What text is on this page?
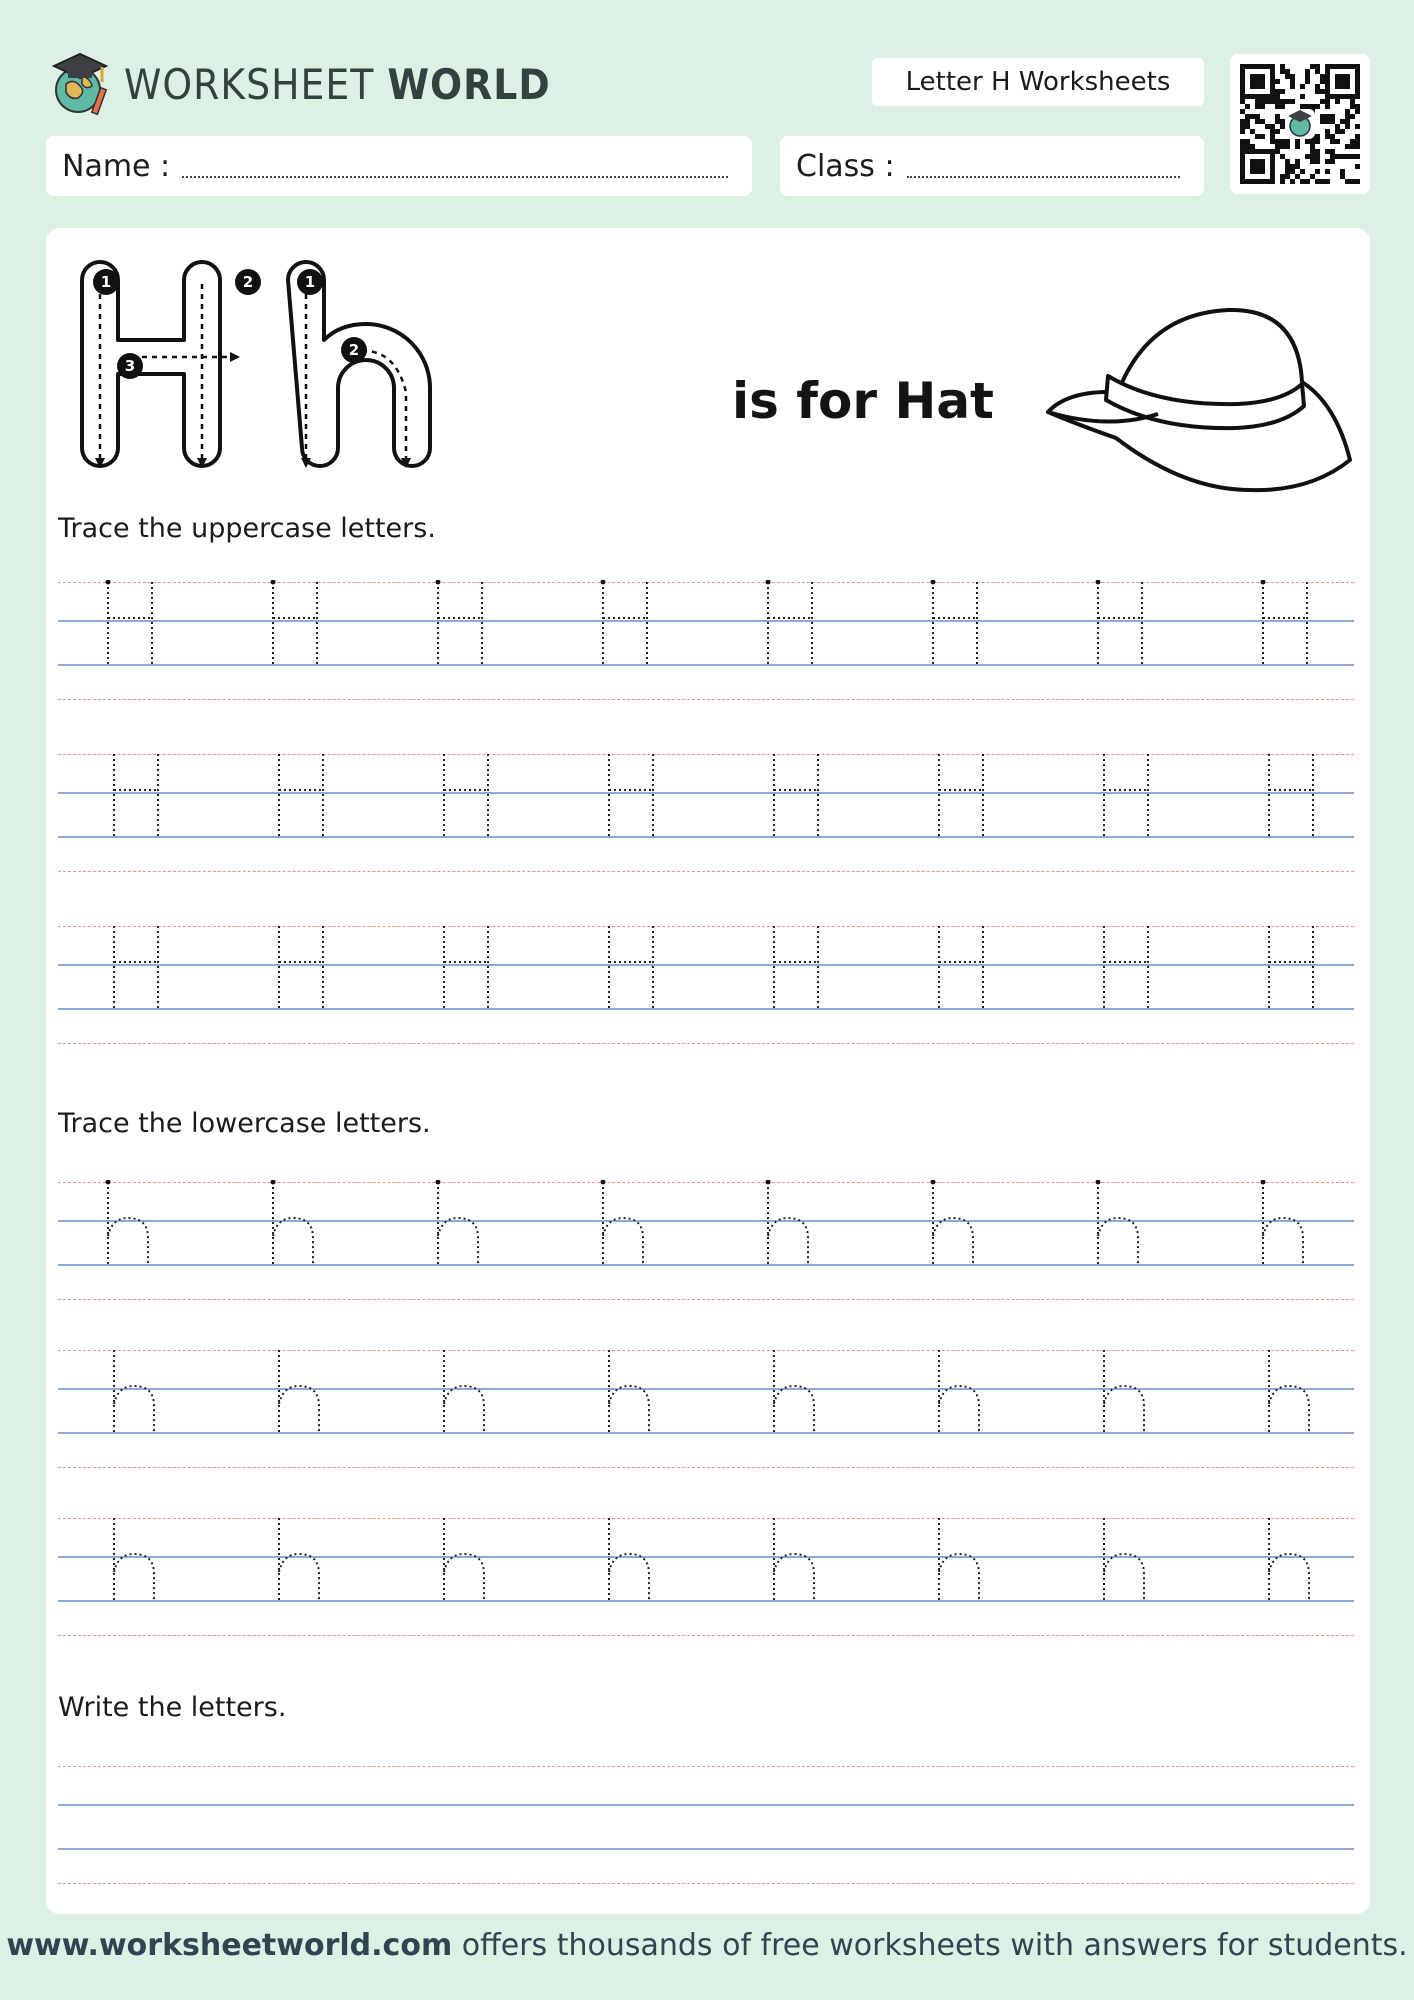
WORKSHEET WORLD	Letter H Worksheets
Name :	Class :
1	2
3
1
2
is for Hat
Trace the uppercase letters.
Trace the lowercase letters.
Write the letters.
www.worksheetworld.com offers thousands of free worksheets with answers for students.
